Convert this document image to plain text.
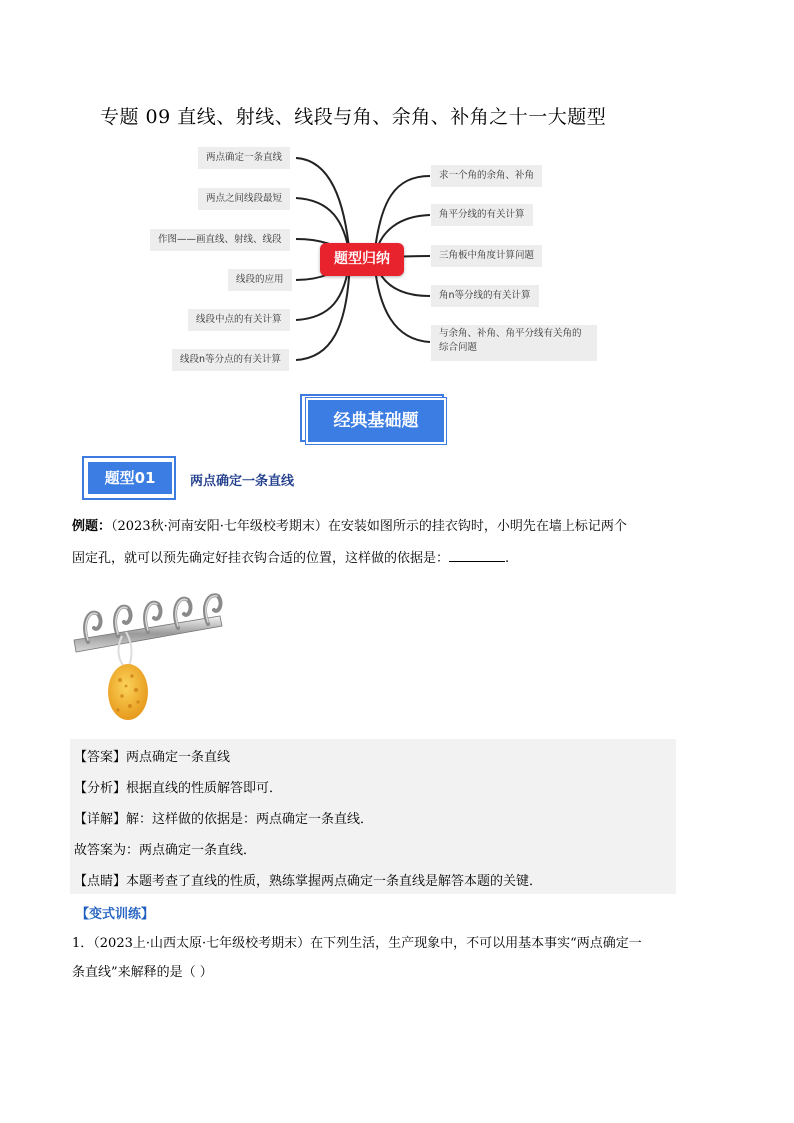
专题 09 直线、射线、线段与角、余角、补角之十一大题型
两点确定一条直线
两点之间线段最短
作图——画直线、射线、线段
线段的应用
线段中点的有关计算
线段n等分点的有关计算
求一个角的余角、补角
角平分线的有关计算
三角板中角度计算问题
角n等分线的有关计算
与余角、补角、角平分线有关角的综合问题
题型归纳
经典基础题
题型01	两点确定一条直线
例题：（2023秋·河南安阳·七年级校考期末）在安装如图所示的挂衣钩时，小明先在墙上标记两个
固定孔，就可以预先确定好挂衣钩合适的位置，这样做的依据是：	.
【答案】两点确定一条直线
【分析】根据直线的性质解答即可．
【详解】解：这样做的依据是：两点确定一条直线．
故答案为：两点确定一条直线．
【点睛】本题考查了直线的性质，熟练掌握两点确定一条直线是解答本题的关键．
【变式训练】
1．（2023上·山西太原·七年级校考期末）在下列生活，生产现象中，不可以用基本事实“两点确定一
条直线”来解释的是（ ）
